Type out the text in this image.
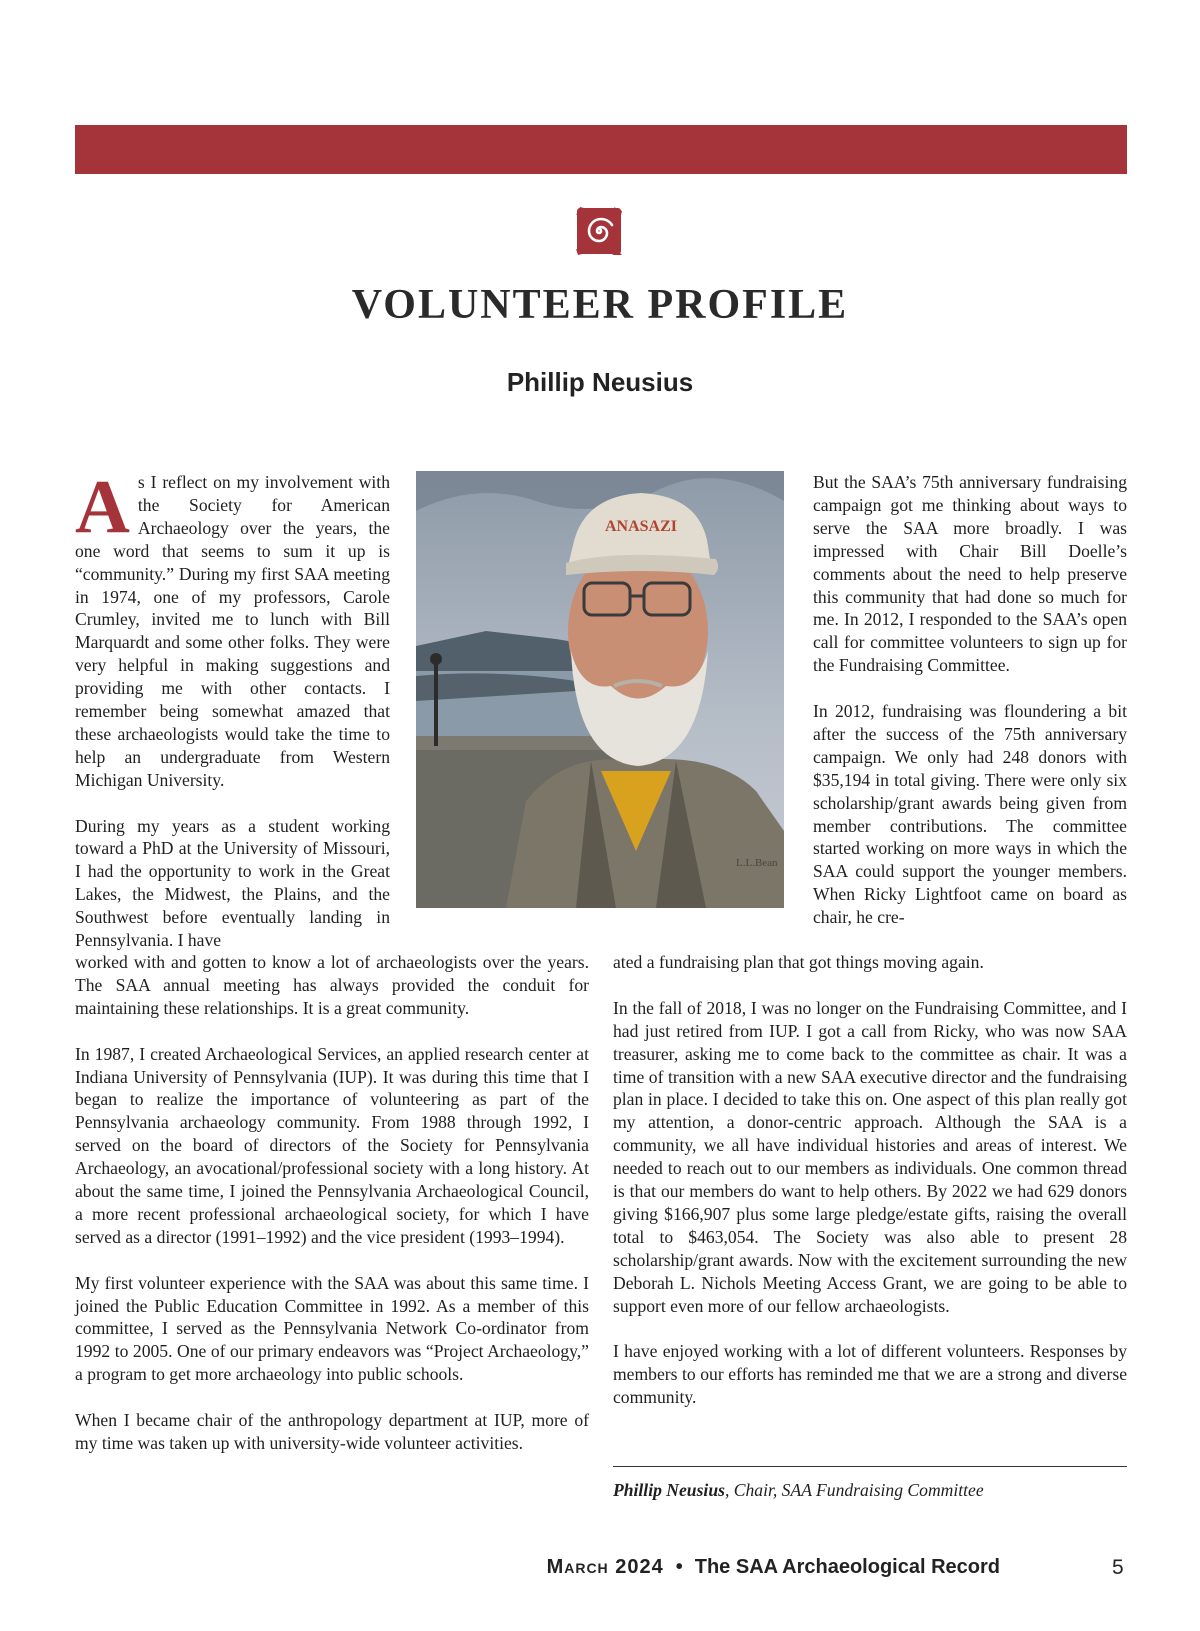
VOLUNTEER PROFILE
Phillip Neusius
ANASAZI
L.L.Bean

As I reflect on my involvement with the Society for American Archaeology over the years, the one word that seems to sum it up is “community.” During my first SAA meeting in 1974, one of my professors, Carole Crumley, invited me to lunch with Bill Marquardt and some other folks. They were very helpful in making suggestions and providing me with other contacts. I remember being somewhat amazed that these archaeologists would take the time to help an undergraduate from Western Michigan University.

During my years as a student working toward a PhD at the University of Missouri, I had the opportunity to work in the Great Lakes, the Midwest, the Plains, and the Southwest before eventually landing in Pennsylvania. I have

worked with and gotten to know a lot of archaeologists over the years. The SAA annual meeting has always provided the conduit for maintaining these relationships. It is a great community.

In 1987, I created Archaeological Services, an applied research center at Indiana University of Pennsylvania (IUP). It was during this time that I began to realize the importance of volunteering as part of the Pennsylvania archaeology community. From 1988 through 1992, I served on the board of directors of the Society for Pennsylvania Archaeology, an avocational/professional society with a long history. At about the same time, I joined the Pennsylvania Archaeological Council, a more recent professional archaeological society, for which I have served as a director (1991–1992) and the vice president (1993–1994).

My first volunteer experience with the SAA was about this same time. I joined the Public Education Committee in 1992. As a member of this committee, I served as the Pennsylvania Network Co-ordinator from 1992 to 2005. One of our primary endeavors was “Project Archaeology,” a program to get more archaeology into public schools.

When I became chair of the anthropology department at IUP, more of my time was taken up with university-wide volunteer activities.

But the SAA’s 75th anniversary fundraising campaign got me thinking about ways to serve the SAA more broadly. I was impressed with Chair Bill Doelle’s comments about the need to help preserve this community that had done so much for me. In 2012, I responded to the SAA’s open call for committee volunteers to sign up for the Fundraising Committee.

In 2012, fundraising was floundering a bit after the success of the 75th anniversary campaign. We only had 248 donors with $35,194 in total giving. There were only six scholarship/grant awards being given from member contributions. The committee started working on more ways in which the SAA could support the younger members. When Ricky Lightfoot came on board as chair, he cre-

ated a fundraising plan that got things moving again.

In the fall of 2018, I was no longer on the Fundraising Committee, and I had just retired from IUP. I got a call from Ricky, who was now SAA treasurer, asking me to come back to the committee as chair. It was a time of transition with a new SAA executive director and the fundraising plan in place. I decided to take this on. One aspect of this plan really got my attention, a donor-centric approach. Although the SAA is a community, we all have individual histories and areas of interest. We needed to reach out to our members as individuals. One common thread is that our members do want to help others. By 2022 we had 629 donors giving $166,907 plus some large pledge/estate gifts, raising the overall total to $463,054. The Society was also able to present 28 scholarship/grant awards. Now with the excitement surrounding the new Deborah L. Nichols Meeting Access Grant, we are going to be able to support even more of our fellow archaeologists.

I have enjoyed working with a lot of different volunteers. Responses by members to our efforts has reminded me that we are a strong and diverse community.

Phillip Neusius, Chair, SAA Fundraising Committee
March 2024 • The SAA Archaeological Record	5
